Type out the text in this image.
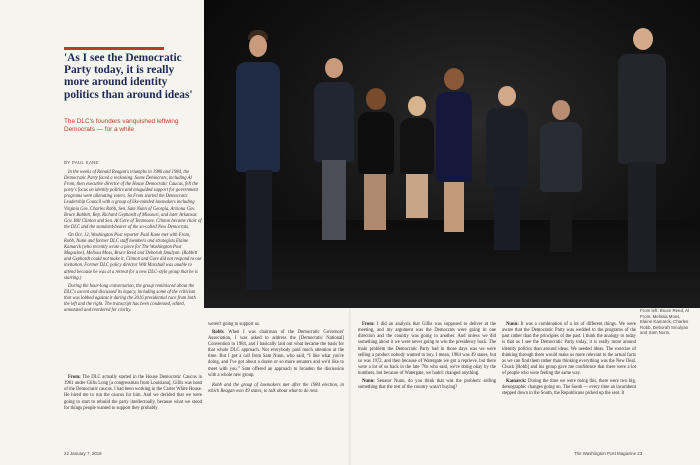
'As I see the Democratic Party today, it is really more around identity politics than around ideas'

The DLC's founders vanquished leftwing Democrats — for a while

BY PAUL KANE

In the weeks of Ronald Reagan's triumphs in 1980 and 1984, the Democratic Party faced a reckoning. Some Democrats, including Al From, then executive director of the House Democratic Caucus, felt the party's focus on identity politics and misguided support for government programs were alienating voters. So From started the Democratic Leadership Council with a group of like-minded lawmakers including Virginia Gov. Charles Robb, Sen. Sam Nunn of Georgia, Arizona Gov. Bruce Babbitt, Rep. Richard Gephardt of Missouri, and later Arkansas Gov. Bill Clinton and Sen. Al Gore of Tennessee. Clinton became chair of the DLC and the standard-bearer of the so-called New Democrats.

On Oct. 12, Washington Post reporter Paul Kane met with From, Robb, Nunn and former DLC staff members and strategists Elaine Kamarck (who recently wrote a piece for The Washington Post Magazine), Melissa Moss, Bruce Reed and Deborah Smulyan. (Babbitt and Gephardt could not make it, Clinton and Gore did not respond to our invitation. Former DLC policy director Will Marshall was unable to attend because he was at a retreat for a new DLC-style group that he is starting.)

During the hour-long conversation, the group reminisced about the DLC's ascent and discussed its legacy, including some of the criticism that was lobbed against it during the 2016 presidential race from both the left and the right. The transcript has been condensed, edited, annotated and reordered for clarity.

From: The DLC actually started in the House Democratic Caucus in 1981 under Gillis Long [a congressman from Louisiana]. Gillis was head of the Democratic caucus. I had been working in the Carter White House. He hired me to run the caucus for him. And we decided that we were going to start to rebuild the party intellectually, because what we stood for things people wanted to support they probably

weren't going to support us.

Robb: When I was chairman of the Democratic Governors' Association, I was asked to address the [Democratic National] Convention in 1984, and I basically laid out what became the basis for that whole DLC approach. Not everybody paid much attention at the time. But I got a call from Sam Nunn, who said, “I like what you're doing, and I've got about a dozen or so more senators and we'd like to meet with you.” Sam offered an approach to broaden the discussion with a whole new group.

Robb and the group of lawmakers met after the 1984 election, in which Reagan won 49 states, to talk about what to do next.

From: I did an analysis that Gillis was supposed to deliver at the meeting, and my argument was the Democrats were going in one direction and the country was going in another. And unless we did something about it we were never going to win the presidency back. The main problem the Democratic Party had in those days was we were selling a product nobody wanted to buy. I mean, 1984 was 49 states, but so was 1972, and then because of Watergate we got a reprieve, but there were a lot of us back in the late '70s who said, we're doing okay by the numbers, but because of Watergate, we hadn't changed anything.

Nunn: Senator Nunn, do you think that was the problem: selling something that the rest of the country wasn't buying?

Nunn: It was a combination of a lot of different things. We were aware that the Democratic Party was wedded to the programs of the past rather than the principles of the past. I think the analogy to today is that as I see the Democratic Party today, it is really more around identity politics than around ideas. We needed ideas. The exercise of thinking through them would make us more relevant to the actual facts as we can find them rather than thinking everything was the New Deal. Chuck [Robb] and his group gave me confidence that there were a lot of people who were feeling the same way.

Kamarck: During the time we were doing this, there were two big, demographic changes going on. The South — every time an incumbent stepped down in the South, the Republicans picked up the seat. It

From left: Bruce Reed, Al From, Melissa Moss, Elaine Kamarck, Charles Robb, Deborah Smulyan and Sam Nunn.

22 January 7, 2018	The Washington Post Magazine 23
